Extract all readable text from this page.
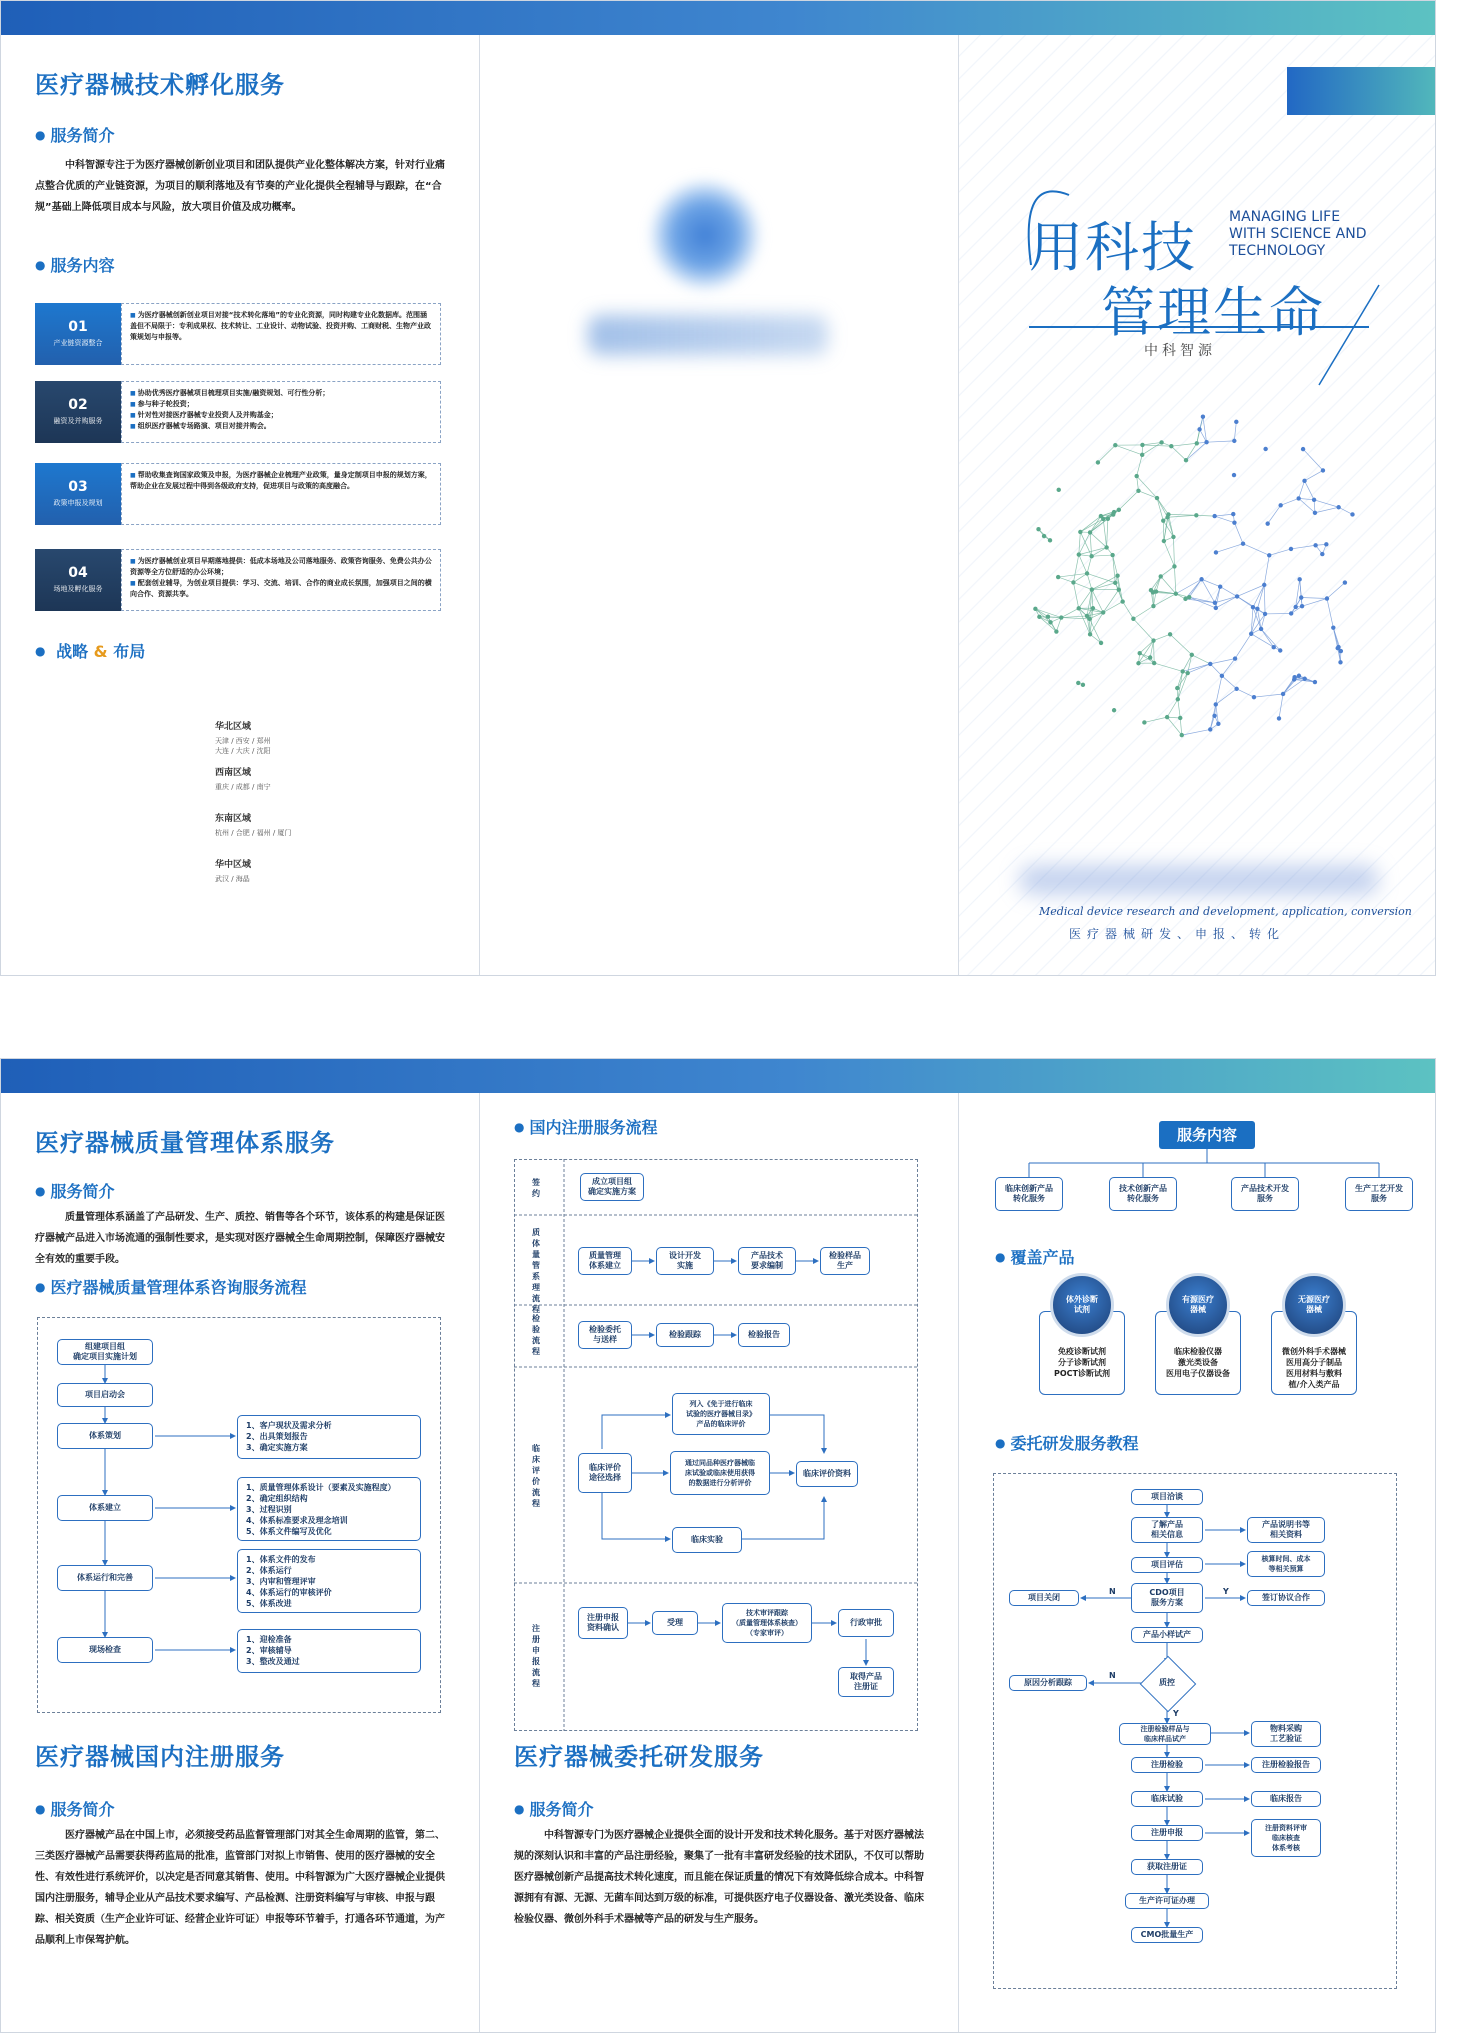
医疗器械技术孵化服务
● 服务简介
中科智源专注于为医疗器械创新创业项目和团队提供产业化整体解决方案，针对行业痛点整合优质的产业链资源，为项目的顺利落地及有节奏的产业化提供全程辅导与跟踪，在“合规”基础上降低项目成本与风险，放大项目价值及成功概率。
● 服务内容
01
产业链资源整合
■ 为医疗器械创新创业项目对接“技术转化落地”的专业化资源，同时构建专业化数据库。范围涵盖但不局限于：专利成果权、技术转让、工业设计、动物试验、投资并购、工商财税、生物产业政策规划与申报等。
02
融资及并购服务
■ 协助优秀医疗器械项目梳理项目实施/融资规划、可行性分析；
■ 参与种子轮投资；
■ 针对性对接医疗器械专业投资人及并购基金；
■ 组织医疗器械专场路演、项目对接并购会。
03
政策申报及规划
■ 帮助收集查询国家政策及申报，为医疗器械企业梳理产业政策，量身定制项目申报的规划方案，帮助企业在发展过程中得到各级政府支持，促进项目与政策的高度融合。
04
场地及孵化服务
■ 为医疗器械创业项目早期落地提供：低成本场地及公司落地服务、政策咨询服务、免费公共办公资源等全方位舒适的办公环境；
■ 配套创业辅导，为创业项目提供：学习、交流、培训、合作的商业成长氛围，加强项目之间的横向合作、资源共享。
● 战略 & 布局
华北区域
天津 / 西安 / 郑州
大连 / 大庆 / 沈阳
西南区域
重庆 / 成都 / 南宁
东南区域
杭州 / 合肥 / 福州 / 厦门
华中区域
武汉 / 海晶
用科技
管理生命
MANAGING LIFE
WITH SCIENCE AND
TECHNOLOGY
中科智源
Medical device research and development, application, conversion
医疗器械研发、申报、转化
医疗器械质量管理体系服务
● 服务简介
质量管理体系涵盖了产品研发、生产、质控、销售等各个环节，该体系的构建是保证医疗器械产品进入市场流通的强制性要求，是实现对医疗器械全生命周期控制，保障医疗器械安全有效的重要手段。
● 医疗器械质量管理体系咨询服务流程
组建项目组
确定项目实施计划
项目启动会
体系策划
体系建立
体系运行和完善
现场检查
1、客户现状及需求分析
2、出具策划报告
3、确定实施方案
1、质量管理体系设计（要素及实施程度）
2、确定组织结构
3、过程识别
4、体系标准要求及理念培训
5、体系文件编写及优化
1、体系文件的发布
2、体系运行
3、内审和管理评审
4、体系运行的审核评价
5、体系改进
1、迎检准备
2、审核辅导
3、整改及通过
医疗器械国内注册服务
● 服务简介
医疗器械产品在中国上市，必须接受药品监督管理部门对其全生命周期的监管，第二、三类医疗器械产品需要获得药监局的批准，监管部门对拟上市销售、使用的医疗器械的安全性、有效性进行系统评价，以决定是否同意其销售、使用。中科智源为广大医疗器械企业提供国内注册服务，辅导企业从产品技术要求编写、产品检测、注册资料编写与审核、申报与跟踪、相关资质（生产企业许可证、经营企业许可证）申报等环节着手，打通各环节通道，为产品顺利上市保驾护航。
● 国内注册服务流程
签约
质体量管系理流程
检验流程
临床评价流程
注册申报流程
成立项目组
确定实施方案
质量管理
体系建立
设计开发
实施
产品技术
要求编制
检验样品
生产
检验委托
与送样
检验跟踪	检验报告
列入《免于进行临床
试验的医疗器械目录》
产品的临床评价
临床评价
途径选择
通过同品种医疗器械临
床试验或临床使用获得
的数据进行分析评价
临床评价资料
临床实验
注册申报
资料确认
受理
技术审评跟踪
（质量管理体系核查）
（专家审评）
行政审批
取得产品
注册证
医疗器械委托研发服务
● 服务简介
中科智源专门为医疗器械企业提供全面的设计开发和技术转化服务。基于对医疗器械法规的深刻认识和丰富的产品注册经验，聚集了一批有丰富研发经验的技术团队，不仅可以帮助医疗器械创新产品提高技术转化速度，而且能在保证质量的情况下有效降低综合成本。中科智源拥有有源、无源、无菌车间达到万级的标准，可提供医疗电子仪器设备、激光类设备、临床检验仪器、微创外科手术器械等产品的研发与生产服务。
服务内容
临床创新产品
转化服务
技术创新产品
转化服务
产品技术开发
服务
生产工艺开发
服务
● 覆盖产品
免疫诊断试剂
分子诊断试剂
POCT诊断试剂
临床检验仪器
激光类设备
医用电子仪器设备
微创外科手术器械
医用高分子制品
医用材料与敷料
植/介入类产品
体外诊断
试剂
有源医疗
器械
无源医疗
器械
● 委托研发服务教程
项目洽谈
了解产品
相关信息
项目评估
CDO项目
服务方案
产品小样试产
质控
原因分析跟踪
注册检验样品与
临床样品试产
注册检验
临床试验
注册申报
获取注册证
生产许可证办理
CMO批量生产
产品说明书等
相关资料
核算时间、成本
等相关预算
项目关闭	签订协议合作
物料采购
工艺验证
注册检验报告
临床报告
注册资料评审
临床核查
体系考核
N	Y
N
Y
